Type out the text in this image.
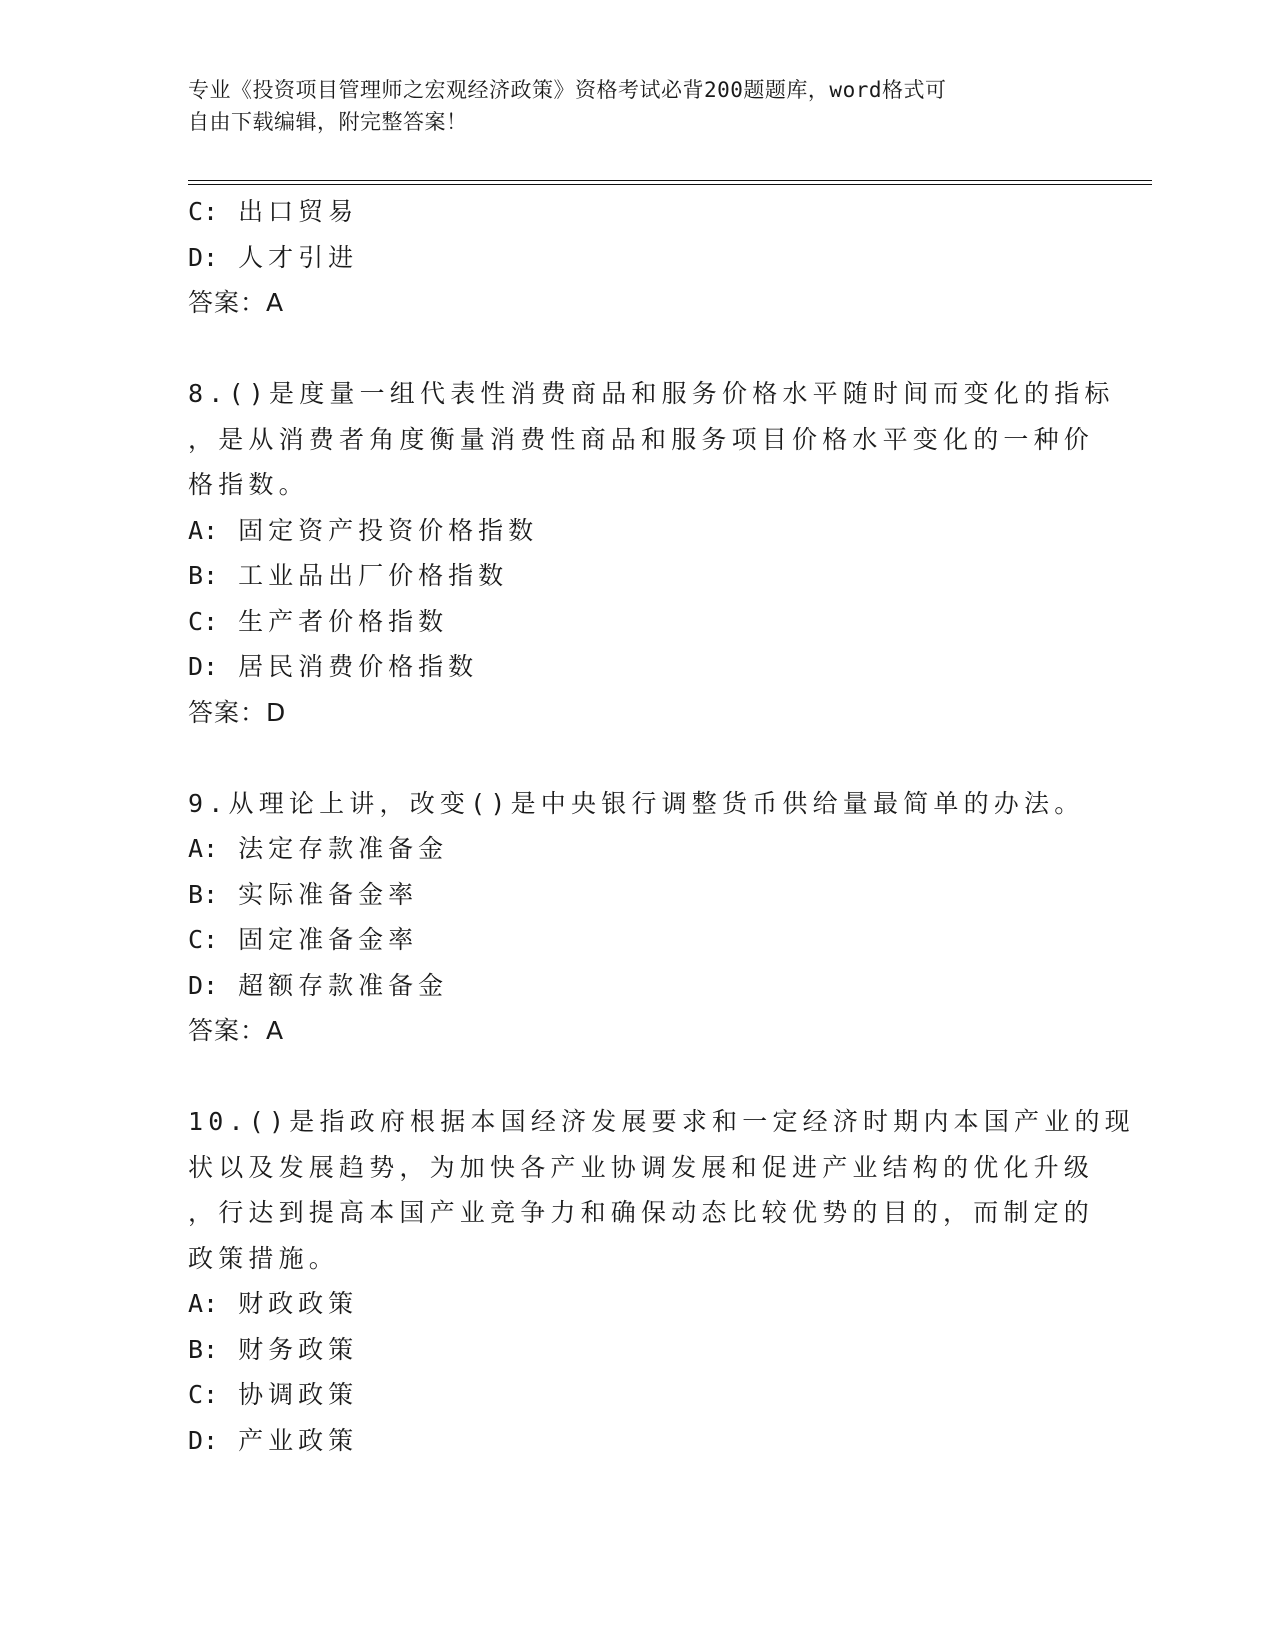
专业《投资项目管理师之宏观经济政策》资格考试必背200题题库，word格式可
自由下载编辑，附完整答案！
C: 出口贸易
D: 人才引进
答案：A
8.()是度量一组代表性消费商品和服务价格水平随时间而变化的指标
，是从消费者角度衡量消费性商品和服务项目价格水平变化的一种价
格指数。
A: 固定资产投资价格指数
B: 工业品出厂价格指数
C: 生产者价格指数
D: 居民消费价格指数
答案：D
9.从理论上讲，改变()是中央银行调整货币供给量最简单的办法。
A: 法定存款准备金
B: 实际准备金率
C: 固定准备金率
D: 超额存款准备金
答案：A
10.()是指政府根据本国经济发展要求和一定经济时期内本国产业的现
状以及发展趋势，为加快各产业协调发展和促进产业结构的优化升级
，行达到提高本国产业竞争力和确保动态比较优势的目的，而制定的
政策措施。
A: 财政政策
B: 财务政策
C: 协调政策
D: 产业政策
